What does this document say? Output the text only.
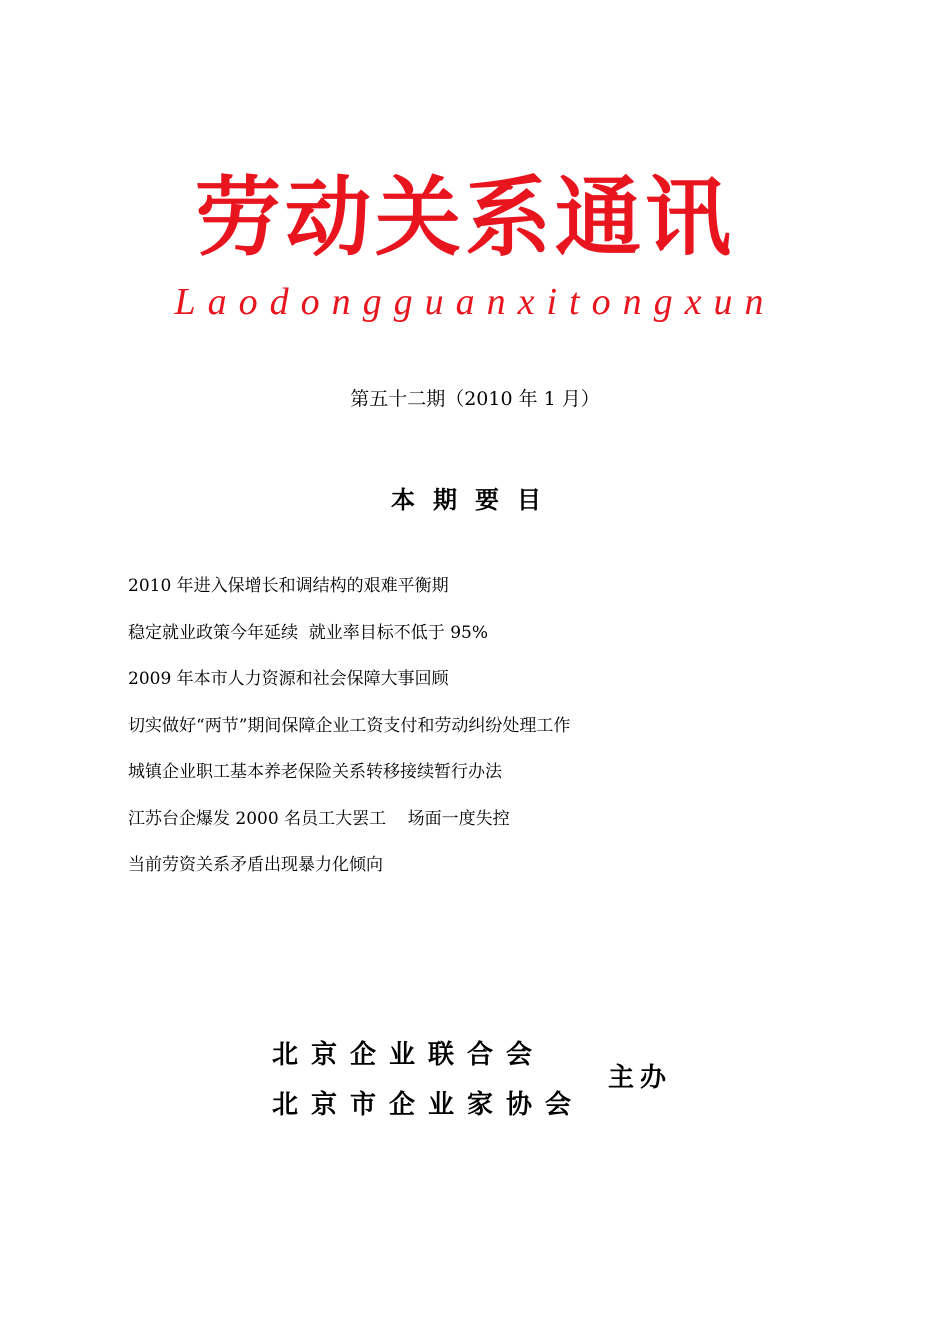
劳动关系通讯
Laodongguanxitongxun
第五十二期（2010 年 1 月）
本期要目
2010 年进入保增长和调结构的艰难平衡期
稳定就业政策今年延续  就业率目标不低于 95%
2009 年本市人力资源和社会保障大事回顾
切实做好“两节”期间保障企业工资支付和劳动纠纷处理工作
城镇企业职工基本养老保险关系转移接续暂行办法
江苏台企爆发 2000 名员工大罢工    场面一度失控
当前劳资关系矛盾出现暴力化倾向
北京企业联合会
北京市企业家协会
主办
